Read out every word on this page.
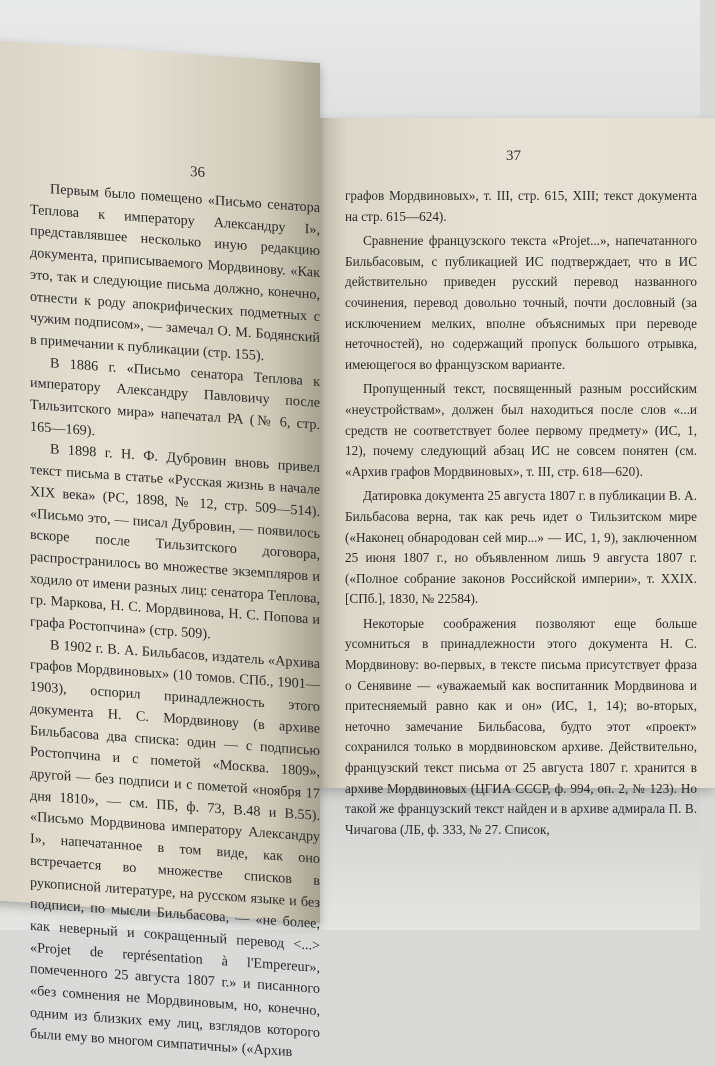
37

графов Мордвиновых», т. III, стр. 615, XIII; текст документа на стр. 615—624).

Сравнение французского текста «Projet...», напечатанного Бильбасовым, с публикацией ИС подтверждает, что в ИС действительно приведен русский перевод названного сочинения, перевод довольно точный, почти дословный (за исключением мелких, вполне объяснимых при переводе неточностей), но содержащий пропуск большого отрывка, имеющегося во французском варианте.

Пропущенный текст, посвященный разным российским «неустройствам», должен был находиться после слов «...и средств не соответствует более первому предмету» (ИС, 1, 12), почему следующий абзац ИС не совсем понятен (см. «Архив графов Мордвиновых», т. III, стр. 618—620).

Датировка документа 25 августа 1807 г. в публикации В. А. Бильбасова верна, так как речь идет о Тильзитском мире («Наконец обнародован сей мир...» — ИС, 1, 9), заключенном 25 июня 1807 г., но объявленном лишь 9 августа 1807 г. («Полное собрание законов Российской империи», т. XXIX. [СПб.], 1830, № 22584).

Некоторые соображения позволяют еще больше усомниться в принадлежности этого документа Н. С. Мордвинову: во-первых, в тексте письма присутствует фраза о Сенявине — «уважаемый как воспитанник Мордвинова и притесняемый равно как и он» (ИС, 1, 14); во-вторых, неточно замечание Бильбасова, будто этот «проект» сохранился только в мордвиновском архиве. Действительно, французский текст письма от 25 августа 1807 г. хранится в архиве Мордвиновых (ЦГИА СССР, ф. 994, оп. 2, № 123). Но такой же французский текст найден и в архиве адмирала П. В. Чичагова (ЛБ, ф. 333, № 27. Список,

36

Первым было помещено «Письмо сенатора Теплова к императору Александру I», представлявшее несколько иную редакцию документа, приписываемого Мордвинову. «Как это, так и следующие письма должно, конечно, отнести к роду апокрифических подметных с чужим подписом», — замечал О. М. Бодянский в примечании к публикации (стр. 155).

В 1886 г. «Письмо сенатора Теплова к императору Александру Павловичу после Тильзитского мира» напечатал РА (№ 6, стр. 165—169).

В 1898 г. Н. Ф. Дубровин вновь привел текст письма в статье «Русская жизнь в начале XIX века» (РС, 1898, № 12, стр. 509—514). «Письмо это, — писал Дубровин, — появилось вскоре после Тильзитского договора, распространилось во множестве экземпляров и ходило от имени разных лиц: сенатора Теплова, гр. Маркова, Н. С. Мордвинова, Н. С. Попова и графа Ростопчина» (стр. 509).

В 1902 г. В. А. Бильбасов, издатель «Архива графов Мордвиновых» (10 томов. СПб., 1901—1903), оспорил принадлежность этого документа Н. С. Мордвинову (в архиве Бильбасова два списка: один — с подписью Ростопчина и с пометой «Москва. 1809», другой — без подписи и с пометой «ноября 17 дня 1810», — см. ПБ, ф. 73, В.48 и В.55). «Письмо Мордвинова императору Александру I», напечатанное в том виде, как оно встречается во множестве списков в рукописной литературе, на русском языке и без подписи, по мысли Бильбасова, — «не более, как неверный и сокращенный перевод <...> «Projet de représentation à l'Empereur», помеченного 25 августа 1807 г.» и писанного «без сомнения не Мордвиновым, но, конечно, одним из близких ему лиц, взглядов которого были ему во многом симпатичны» («Архив
